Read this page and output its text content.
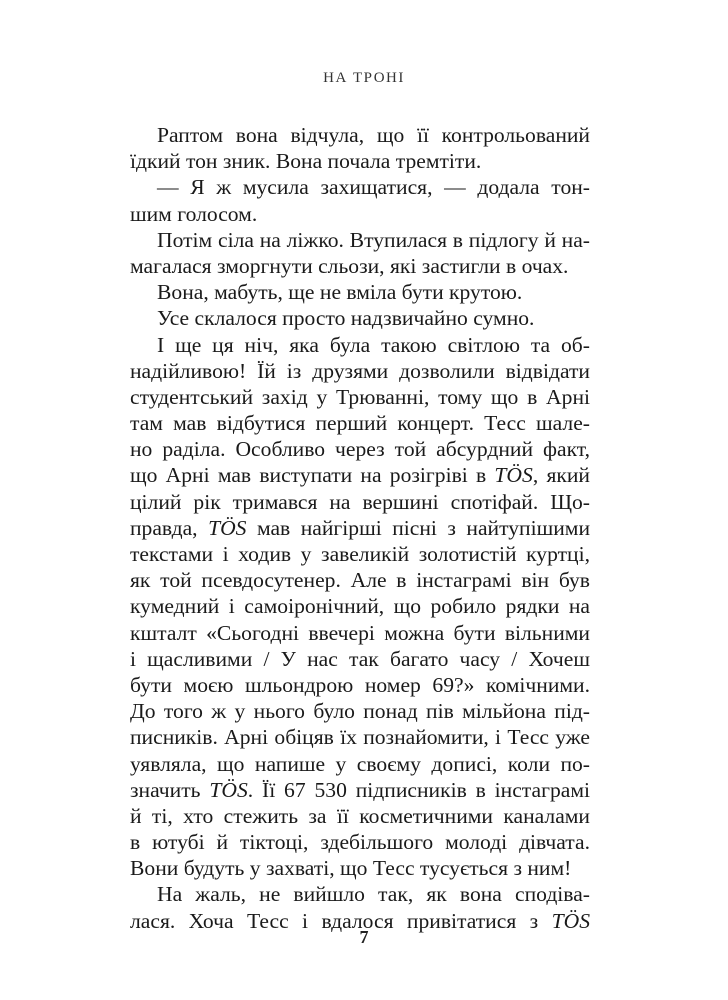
НА ТРОНІ
Раптом вона відчула, що її контрольований
їдкий тон зник. Вона почала тремтіти.
— Я ж мусила захищатися, — додала тон-
шим голосом.
Потім сіла на ліжко. Втупилася в підлогу й на-
магалася зморгнути сльози, які застигли в очах.
Вона, мабуть, ще не вміла бути крутою.
Усе склалося просто надзвичайно сумно.
І ще ця ніч, яка була такою світлою та об-
надійливою! Їй із друзями дозволили відвідати
студентський захід у Трюванні, тому що в Арні
там мав відбутися перший концерт. Тесс шале-
но раділа. Особливо через той абсурдний факт,
що Арні мав виступати на розігріві в TÖS, який
цілий рік тримався на вершині спотіфай. Що-
правда, TÖS мав найгірші пісні з найтупішими
текстами і ходив у завеликій золотистій куртці,
як той псевдосутенер. Але в інстаграмі він був
кумедний і самоіронічний, що робило рядки на
кшталт «Сьогодні ввечері можна бути вільними
і щасливими / У нас так багато часу / Хочеш
бути моєю шльондрою номер 69?» комічними.
До того ж у нього було понад пів мільйона під-
писників. Арні обіцяв їх познайомити, і Тесс уже
уявляла, що напише у своєму дописі, коли по-
значить TÖS. Її 67 530 підписників в інстаграмі
й ті, хто стежить за її косметичними каналами
в ютубі й тіктоці, здебільшого молоді дівчата.
Вони будуть у захваті, що Тесс тусується з ним!
На жаль, не вийшло так, як вона сподіва-
лася. Хоча Тесс і вдалося привітатися з TÖS
7
